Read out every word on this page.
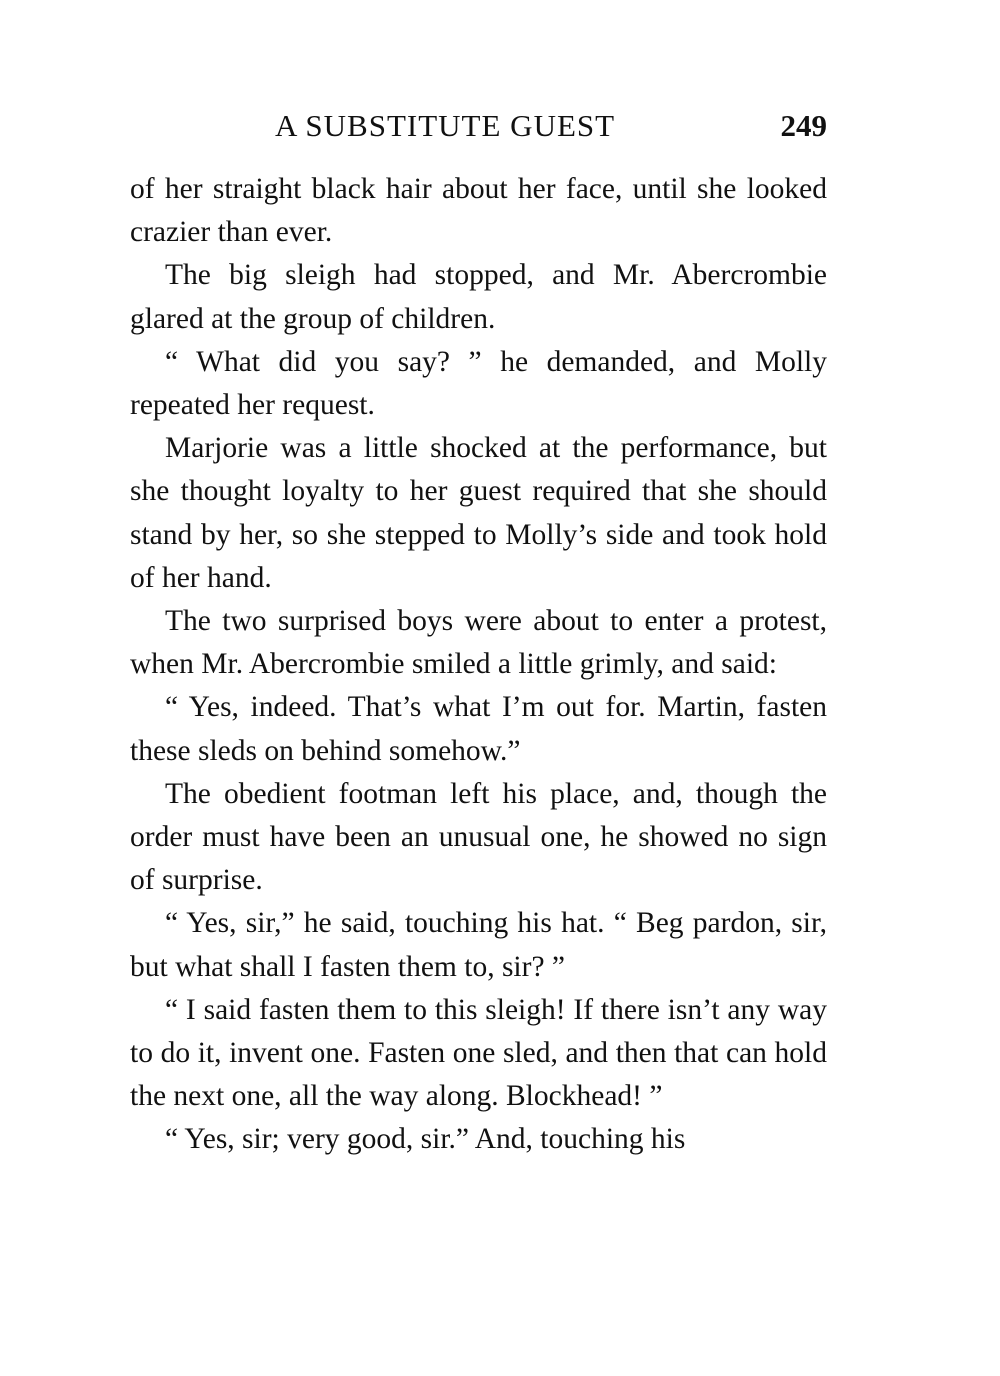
A SUBSTITUTE GUEST	249

of her straight black hair about her face, until she looked crazier than ever.

The big sleigh had stopped, and Mr. Abercrombie glared at the group of children.

“ What did you say? ” he demanded, and Molly repeated her request.

Marjorie was a little shocked at the performance, but she thought loyalty to her guest required that she should stand by her, so she stepped to Molly’s side and took hold of her hand.

The two surprised boys were about to enter a protest, when Mr. Abercrombie smiled a little grimly, and said:

“ Yes, indeed. That’s what I’m out for. Martin, fasten these sleds on behind somehow.”

The obedient footman left his place, and, though the order must have been an unusual one, he showed no sign of surprise.

“ Yes, sir,” he said, touching his hat. “ Beg pardon, sir, but what shall I fasten them to, sir? ”

“ I said fasten them to this sleigh! If there isn’t any way to do it, invent one. Fasten one sled, and then that can hold the next one, all the way along. Blockhead! ”

“ Yes, sir; very good, sir.” And, touching his
